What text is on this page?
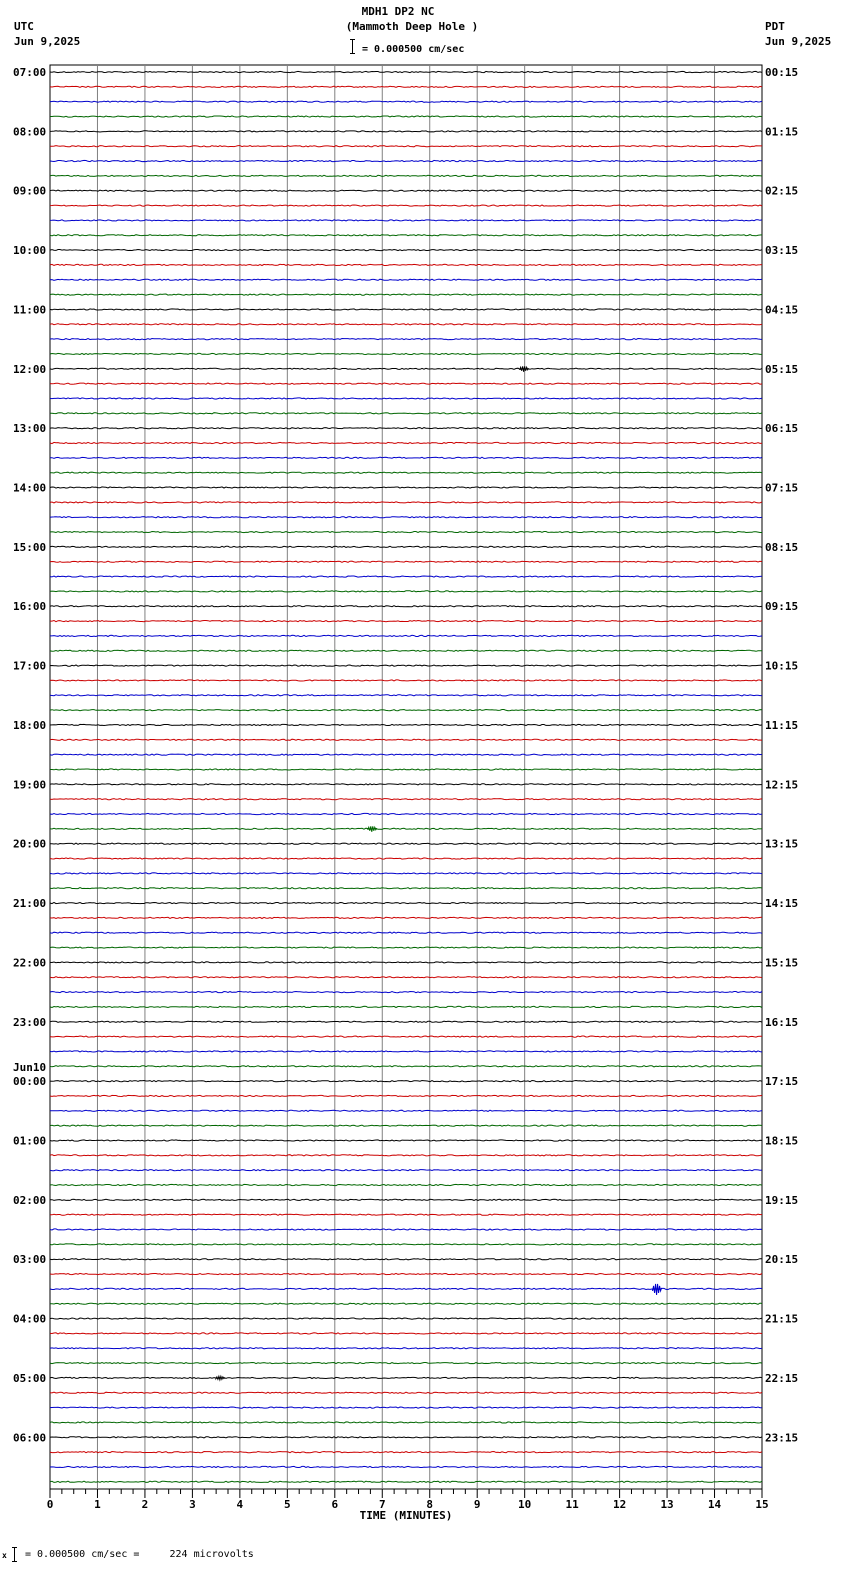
MDH1 DP2 NC
(Mammoth Deep Hole )
UTC
Jun 9,2025
PDT
Jun 9,2025
= 0.000500 cm/sec
07:00
08:00
09:00
10:00
11:00
12:00
13:00
14:00
15:00
16:00
17:00
18:00
19:00
20:00
21:00
22:00
23:00
00:00
Jun10
01:00
02:00
03:00
04:00
05:00
06:00
00:15
01:15
02:15
03:15
04:15
05:15
06:15
07:15
08:15
09:15
10:15
11:15
12:15
13:15
14:15
15:15
16:15
17:15
18:15
19:15
20:15
21:15
22:15
23:15
0	1	2	3	4	5	6	7	8	9	10	11	12	13	14	15
TIME (MINUTES)
x = 0.000500 cm/sec =     224 microvolts
